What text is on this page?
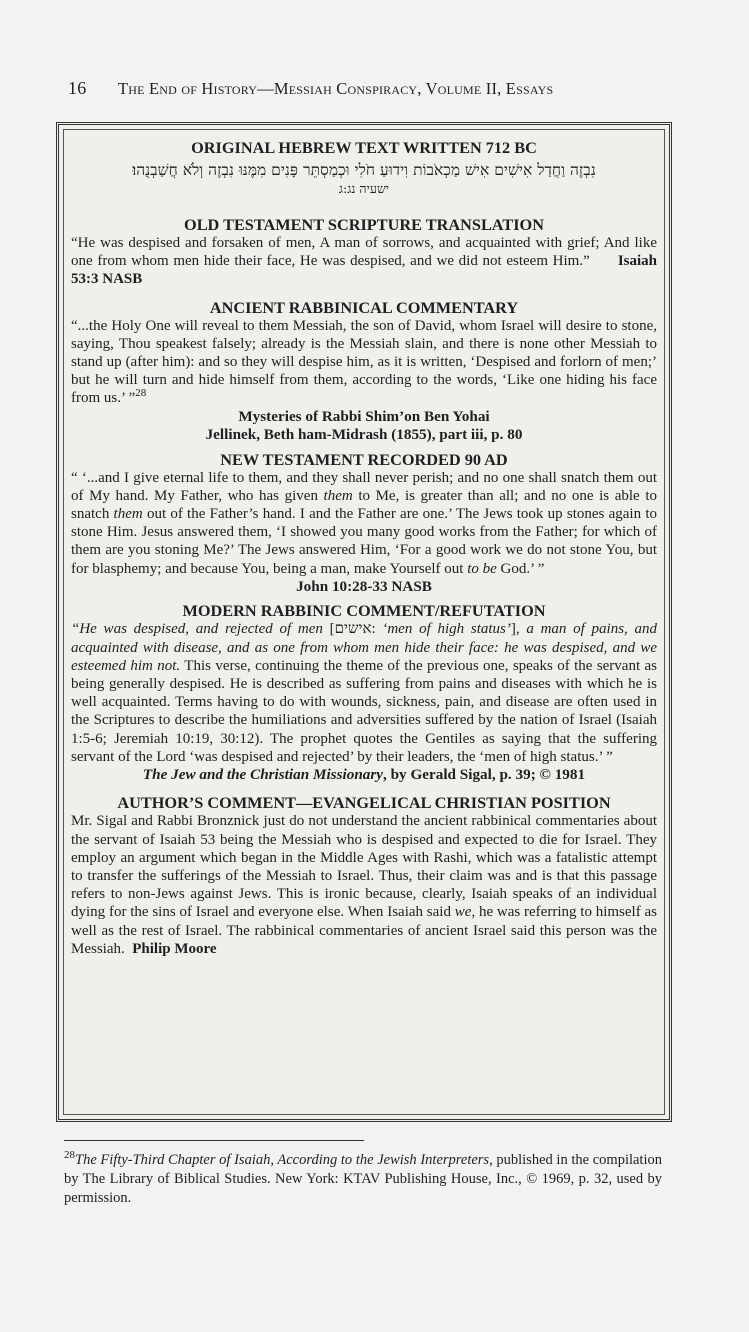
16 The End of History—Messiah Conspiracy, Volume II, Essays

ORIGINAL HEBREW TEXT WRITTEN 712 BC

נִבְזֶה וַחֲדַל אִישִׁים אִישׁ מַכְאֹבוֹת וִידוּעַ חֹלִי וּכְמַסְתֵּר פָּנִים מִמֶּנּוּ נִבְזֶה וְלֹא חֲשַׁבְנֻהוּ׃

ישעיה נג:ג

OLD TESTAMENT SCRIPTURE TRANSLATION

“He was despised and forsaken of men, A man of sorrows, and acquainted with grief; And like one from whom men hide their face, He was despised, and we did not esteem Him.” Isaiah 53:3 NASB

ANCIENT RABBINICAL COMMENTARY

“...the Holy One will reveal to them Messiah, the son of David, whom Israel will desire to stone, saying, Thou speakest falsely; already is the Messiah slain, and there is none other Messiah to stand up (after him): and so they will despise him, as it is written, ‘Despised and forlorn of men;’ but he will turn and hide himself from them, according to the words, ‘Like one hiding his face from us.’ ”$^{28}$

Mysteries of Rabbi Shim’on Ben Yohai

Jellinek, Beth ham-Midrash (1855), part iii, p. 80

NEW TESTAMENT RECORDED 90 AD

“ ‘...and I give eternal life to them, and they shall never perish; and no one shall snatch them out of My hand. My Father, who has given them to Me, is greater than all; and no one is able to snatch them out of the Father’s hand. I and the Father are one.’ The Jews took up stones again to stone Him. Jesus answered them, ‘I showed you many good works from the Father; for which of them are you stoning Me?’ The Jews answered Him, ‘For a good work we do not stone You, but for blasphemy; and because You, being a man, make Yourself out to be God.’ ”

John 10:28-33 NASB

MODERN RABBINIC COMMENT/REFUTATION

“He was despised, and rejected of men [אישים: ‘men of high status’], a man of pains, and acquainted with disease, and as one from whom men hide their face: he was despised, and we esteemed him not. This verse, continuing the theme of the previous one, speaks of the servant as being generally despised. He is described as suffering from pains and diseases with which he is well acquainted. Terms having to do with wounds, sickness, pain, and disease are often used in the Scriptures to describe the humiliations and adversities suffered by the nation of Israel (Isaiah 1:5-6; Jeremiah 10:19, 30:12). The prophet quotes the Gentiles as saying that the suffering servant of the Lord ‘was despised and rejected’ by their leaders, the ‘men of high status.’ ”

The Jew and the Christian Missionary, by Gerald Sigal, p. 39; © 1981

AUTHOR’S COMMENT—EVANGELICAL CHRISTIAN POSITION

Mr. Sigal and Rabbi Bronznick just do not understand the ancient rabbinical commentaries about the servant of Isaiah 53 being the Messiah who is despised and expected to die for Israel. They employ an argument which began in the Middle Ages with Rashi, which was a fatalistic attempt to transfer the sufferings of the Messiah to Israel. Thus, their claim was and is that this passage refers to non-Jews against Jews. This is ironic because, clearly, Isaiah speaks of an individual dying for the sins of Israel and everyone else. When Isaiah said we, he was referring to himself as well as the rest of Israel. The rabbinical commentaries of ancient Israel said this person was the Messiah. Philip Moore

$^{28}$The Fifty-Third Chapter of Isaiah, According to the Jewish Interpreters, published in the compilation by The Library of Biblical Studies. New York: KTAV Publishing House, Inc., © 1969, p. 32, used by permission.
